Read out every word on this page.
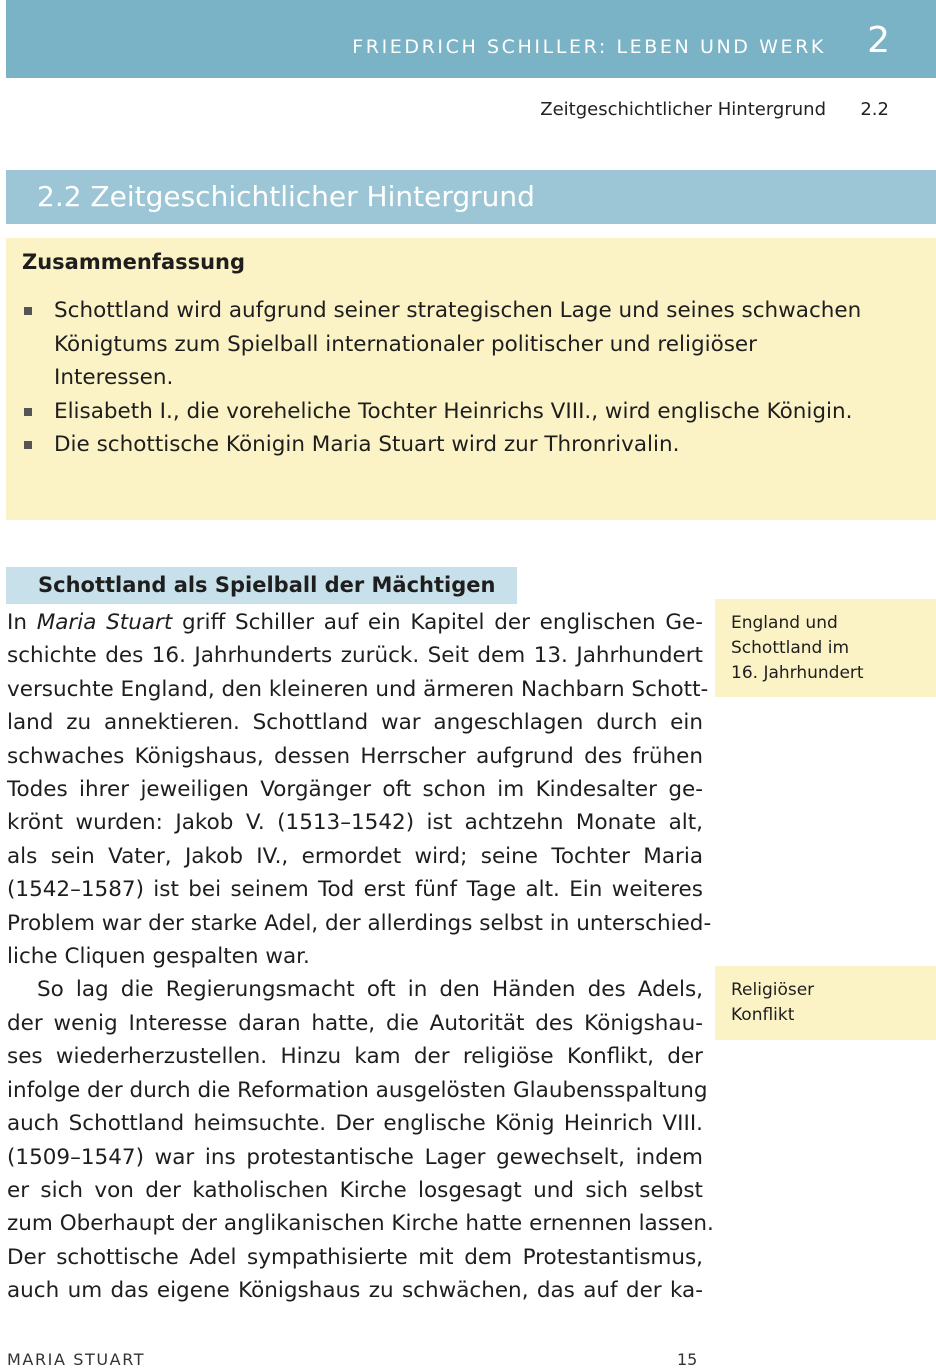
FRIEDRICH SCHILLER: LEBEN UND WERK 2
Zeitgeschichtlicher Hintergrund 2.2
2.2 Zeitgeschichtlicher Hintergrund
Zusammenfassung
Schottland wird aufgrund seiner strategischen Lage und seines schwachen Königtums zum Spielball internationaler politischer und religiöser Interessen.
Elisabeth I., die voreheliche Tochter Heinrichs VIII., wird englische Königin.
Die schottische Königin Maria Stuart wird zur Thronrivalin.
Schottland als Spielball der Mächtigen

In Maria Stuart griff Schiller auf ein Kapitel der englischen Ge-
schichte des 16. Jahrhunderts zurück. Seit dem 13. Jahrhundert
versuchte England, den kleineren und ärmeren Nachbarn Schott-
land zu annektieren. Schottland war angeschlagen durch ein
schwaches Königshaus, dessen Herrscher aufgrund des frühen
Todes ihrer jeweiligen Vorgänger oft schon im Kindesalter ge-
krönt wurden: Jakob V. (1513–1542) ist achtzehn Monate alt,
als sein Vater, Jakob IV., ermordet wird; seine Tochter Maria
(1542–1587) ist bei seinem Tod erst fünf Tage alt. Ein weiteres
Problem war der starke Adel, der allerdings selbst in unterschied-
liche Cliquen gespalten war.

So lag die Regierungsmacht oft in den Händen des Adels,
der wenig Interesse daran hatte, die Autorität des Königshau-
ses wiederherzustellen. Hinzu kam der religiöse Konflikt, der
infolge der durch die Reformation ausgelösten Glaubensspaltung
auch Schottland heimsuchte. Der englische König Heinrich VIII.
(1509–1547) war ins protestantische Lager gewechselt, indem
er sich von der katholischen Kirche losgesagt und sich selbst
zum Oberhaupt der anglikanischen Kirche hatte ernennen lassen.
Der schottische Adel sympathisierte mit dem Protestantismus,
auch um das eigene Königshaus zu schwächen, das auf der ka-

England und
Schottland im
16. Jahrhundert
Religiöser
Konflikt
MARIA STUART	15
